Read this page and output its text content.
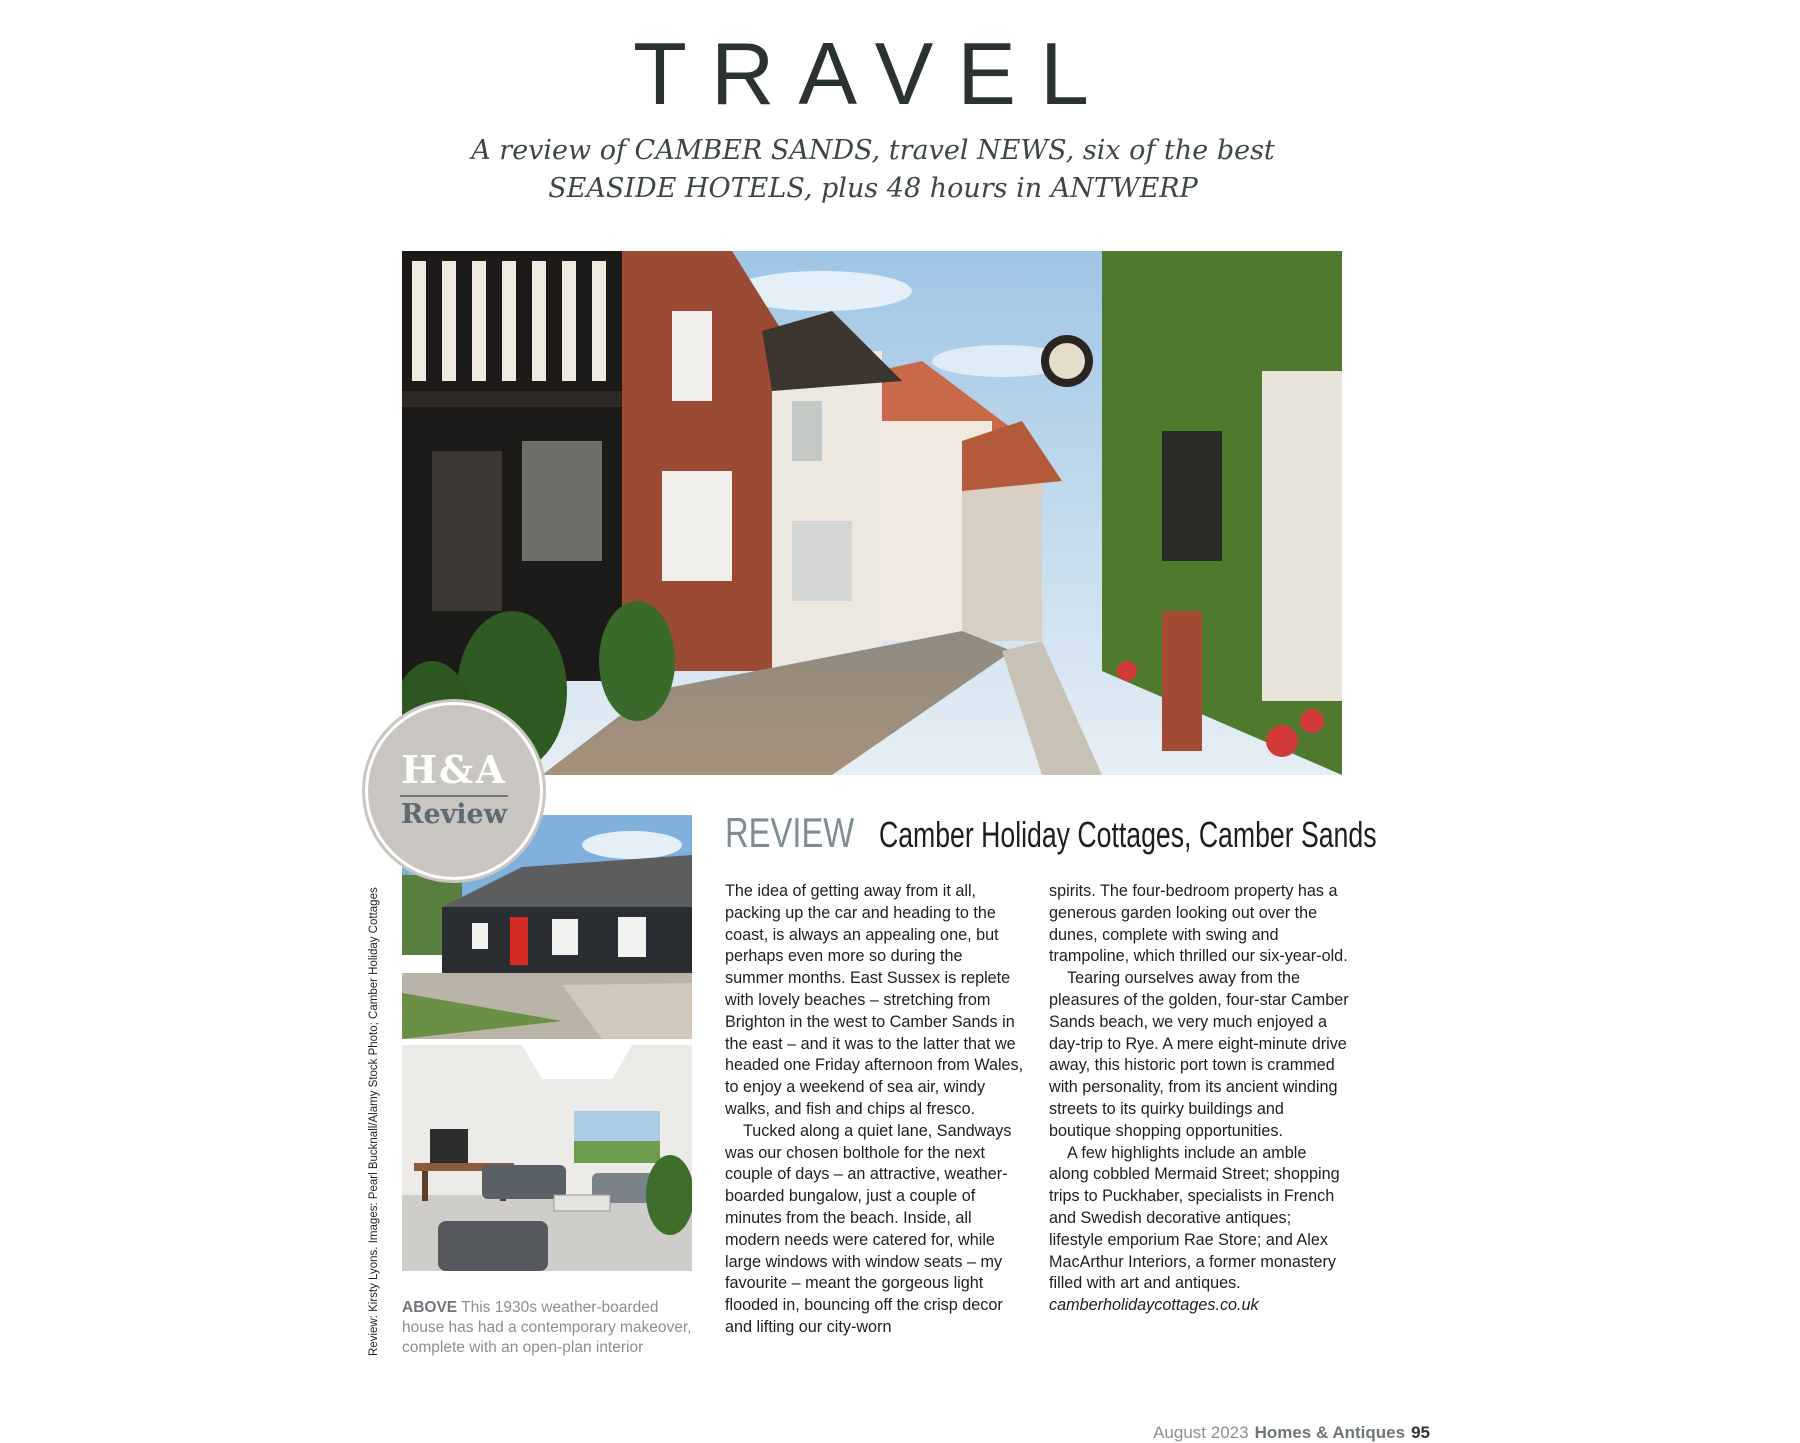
TRAVEL
A review of CAMBER SANDS, travel NEWS, six of the best
SEASIDE HOTELS, plus 48 hours in ANTWERP
H&A
Review
Review: Kirsty Lyons. Images: Pearl Bucknall/Alamy Stock Photo; Camber Holiday Cottages ABOVE This 1930s weather-boarded house has had a contemporary makeover, complete with an open-plan interior
REVIEW Camber Holiday Cottages, Camber Sands

The idea of getting away from it all, packing up the car and heading to the coast, is always an appealing one, but perhaps even more so during the summer months. East Sussex is replete with lovely beaches – stretching from Brighton in the west to Camber Sands in the east – and it was to the latter that we headed one Friday afternoon from Wales, to enjoy a weekend of sea air, windy walks, and fish and chips al fresco.

Tucked along a quiet lane, Sandways was our chosen bolthole for the next couple of days – an attractive, weather-boarded bungalow, just a couple of minutes from the beach. Inside, all modern needs were catered for, while large windows with window seats – my favourite – meant the gorgeous light flooded in, bouncing off the crisp decor and lifting our city-worn

spirits. The four-bedroom property has a generous garden looking out over the dunes, complete with swing and trampoline, which thrilled our six-year-old.

Tearing ourselves away from the pleasures of the golden, four-star Camber Sands beach, we very much enjoyed a day-trip to Rye. A mere eight-minute drive away, this historic port town is crammed with personality, from its ancient winding streets to its quirky buildings and boutique shopping opportunities.

A few highlights include an amble along cobbled Mermaid Street; shopping trips to Puckhaber, specialists in French and Swedish decorative antiques; lifestyle emporium Rae Store; and Alex MacArthur Interiors, a former monastery filled with art and antiques.

camberholidaycottages.co.uk

August 2023 Homes & Antiques 95
